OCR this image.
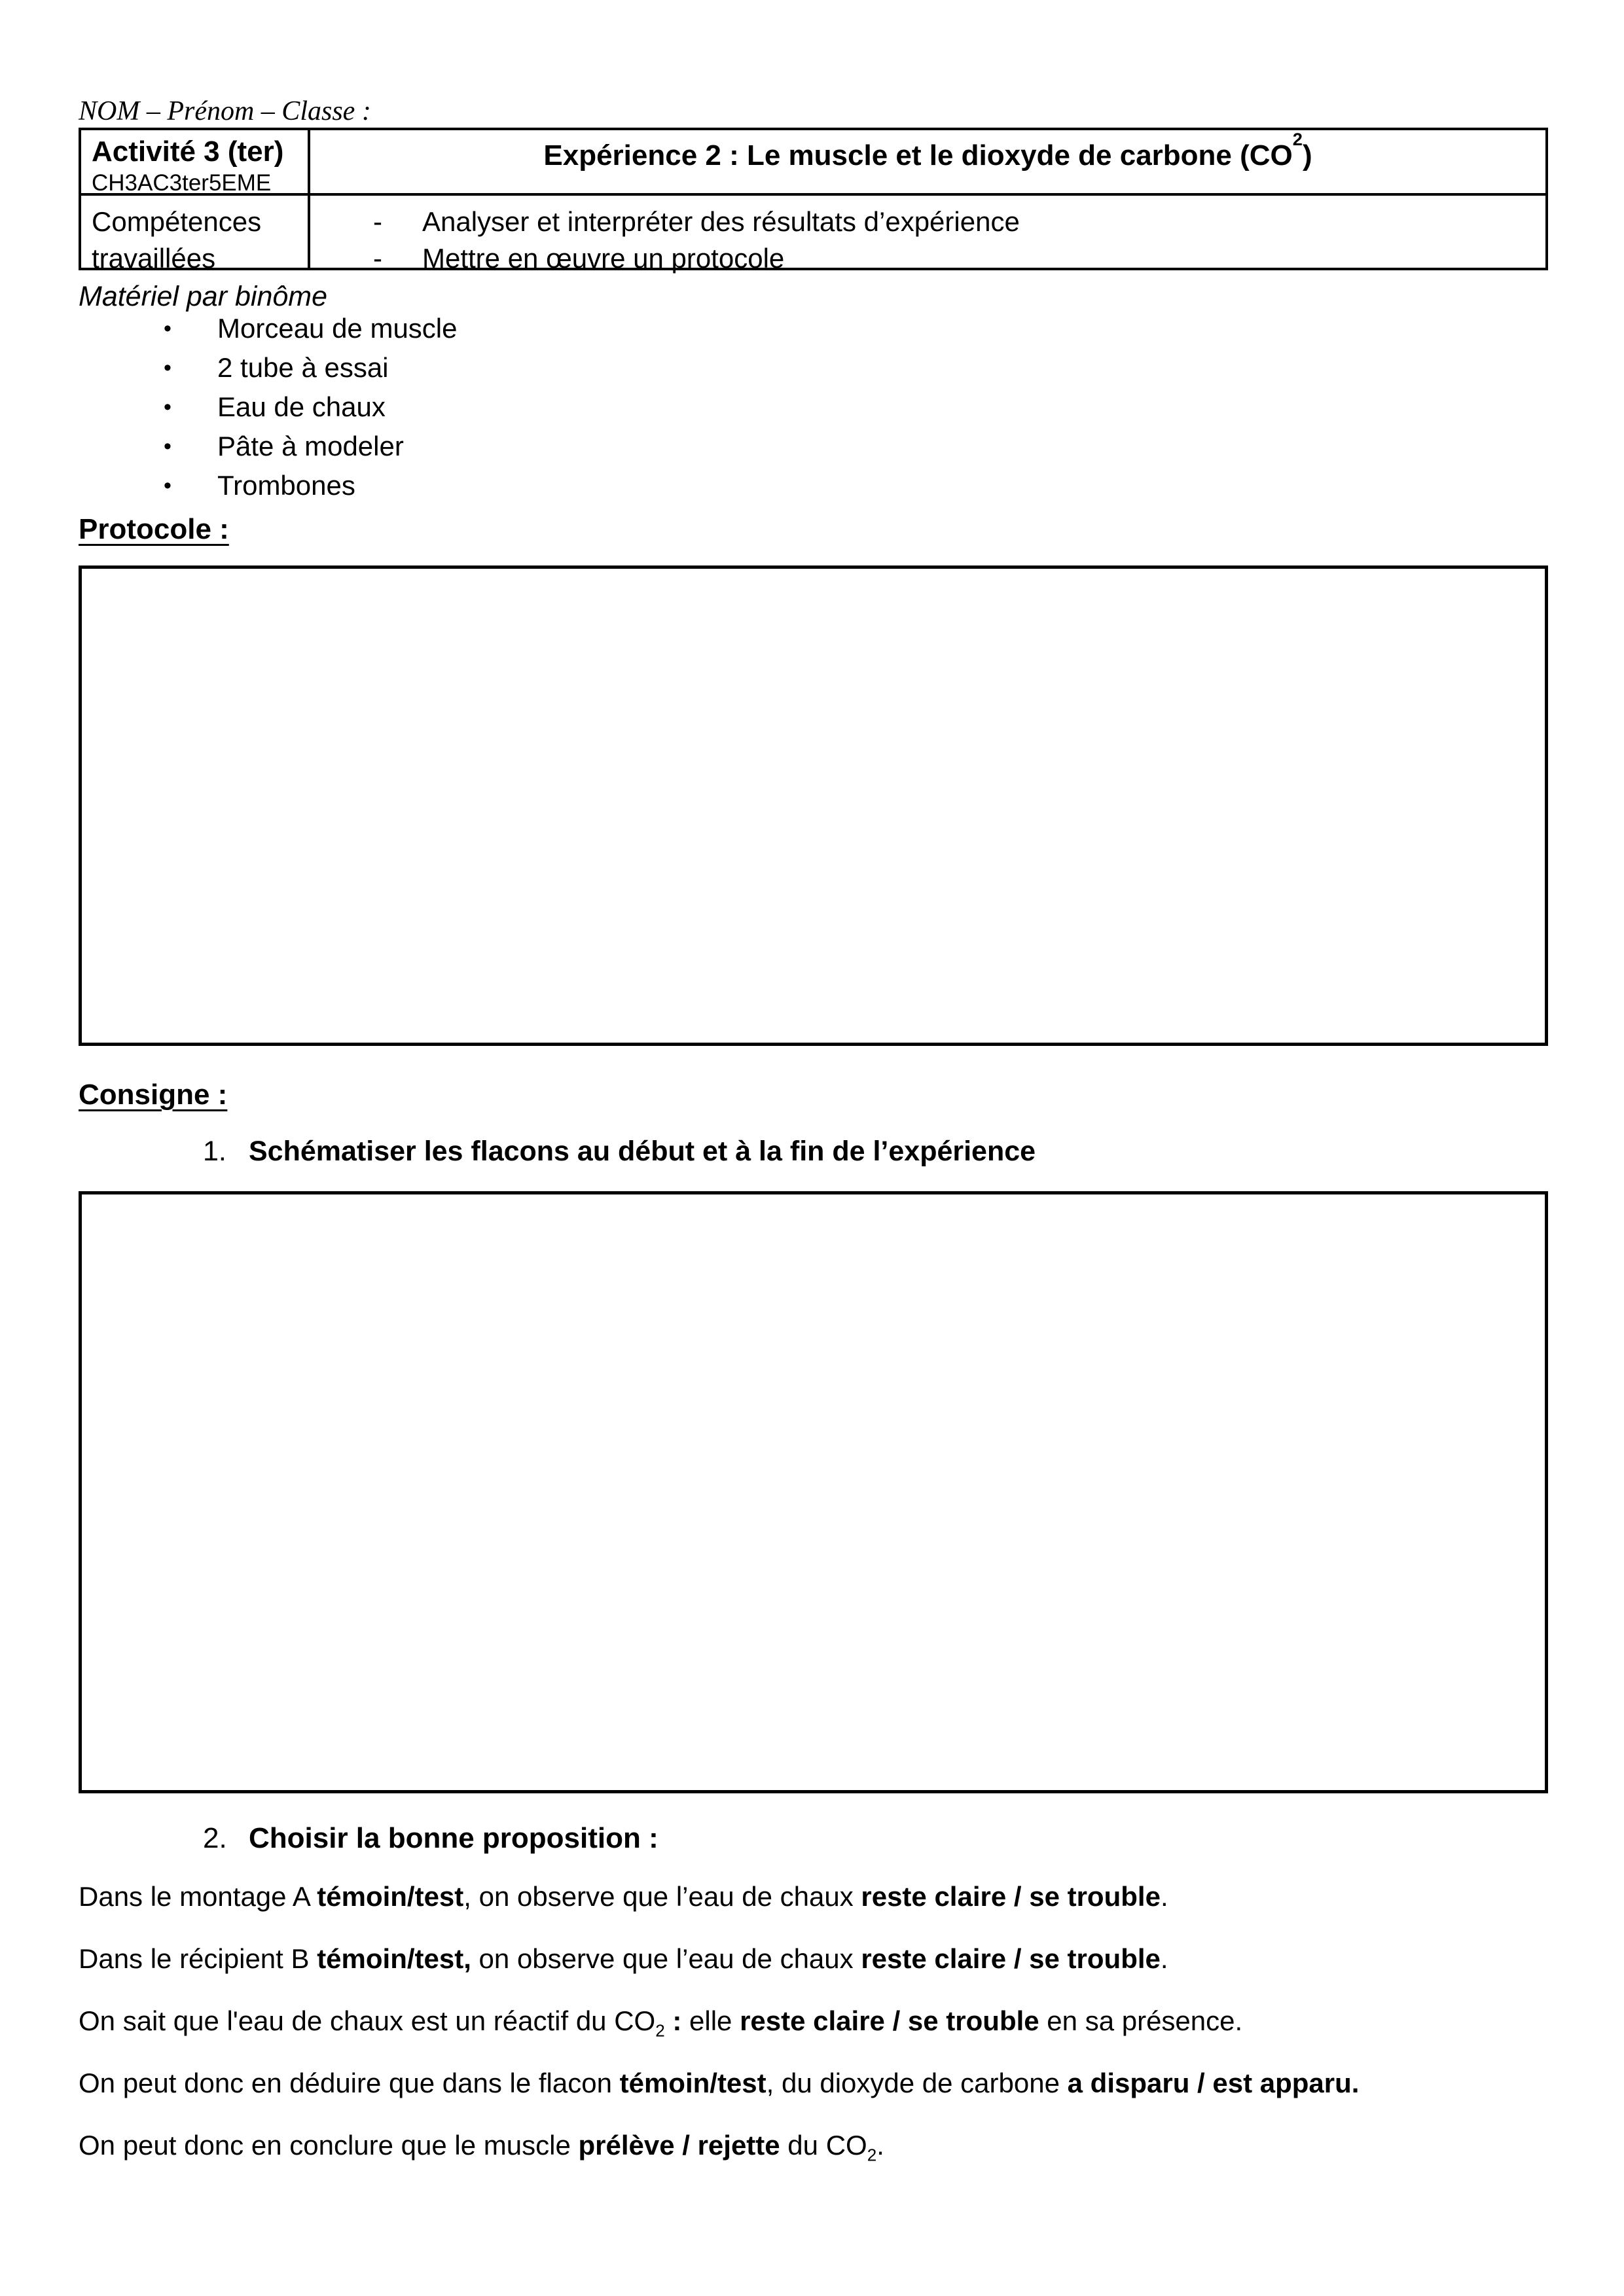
NOM – Prénom – Classe :
Activité 3 (ter)
CH3AC3ter5EME
Expérience 2 : Le muscle et le dioxyde de carbone (CO
2
)
Compétences travaillées
- Analyser et interpréter des résultats d’expérience
- Mettre en œuvre un protocole
Matériel par binôme
• Morceau de muscle
• 2 tube à essai
• Eau de chaux
• Pâte à modeler
• Trombones
Protocole :
Consigne :
1. Schématiser les flacons au début et à la fin de l’expérience
2. Choisir la bonne proposition :

Dans le montage A témoin/test, on observe que l’eau de chaux reste claire / se trouble.

Dans le récipient B témoin/test, on observe que l’eau de chaux reste claire / se trouble.

On sait que l'eau de chaux est un réactif du $CO_2$ : elle reste claire / se trouble en sa présence.

On peut donc en déduire que dans le flacon témoin/test, du dioxyde de carbone a disparu / est apparu.

On peut donc en conclure que le muscle prélève / rejette du $CO_2$.
